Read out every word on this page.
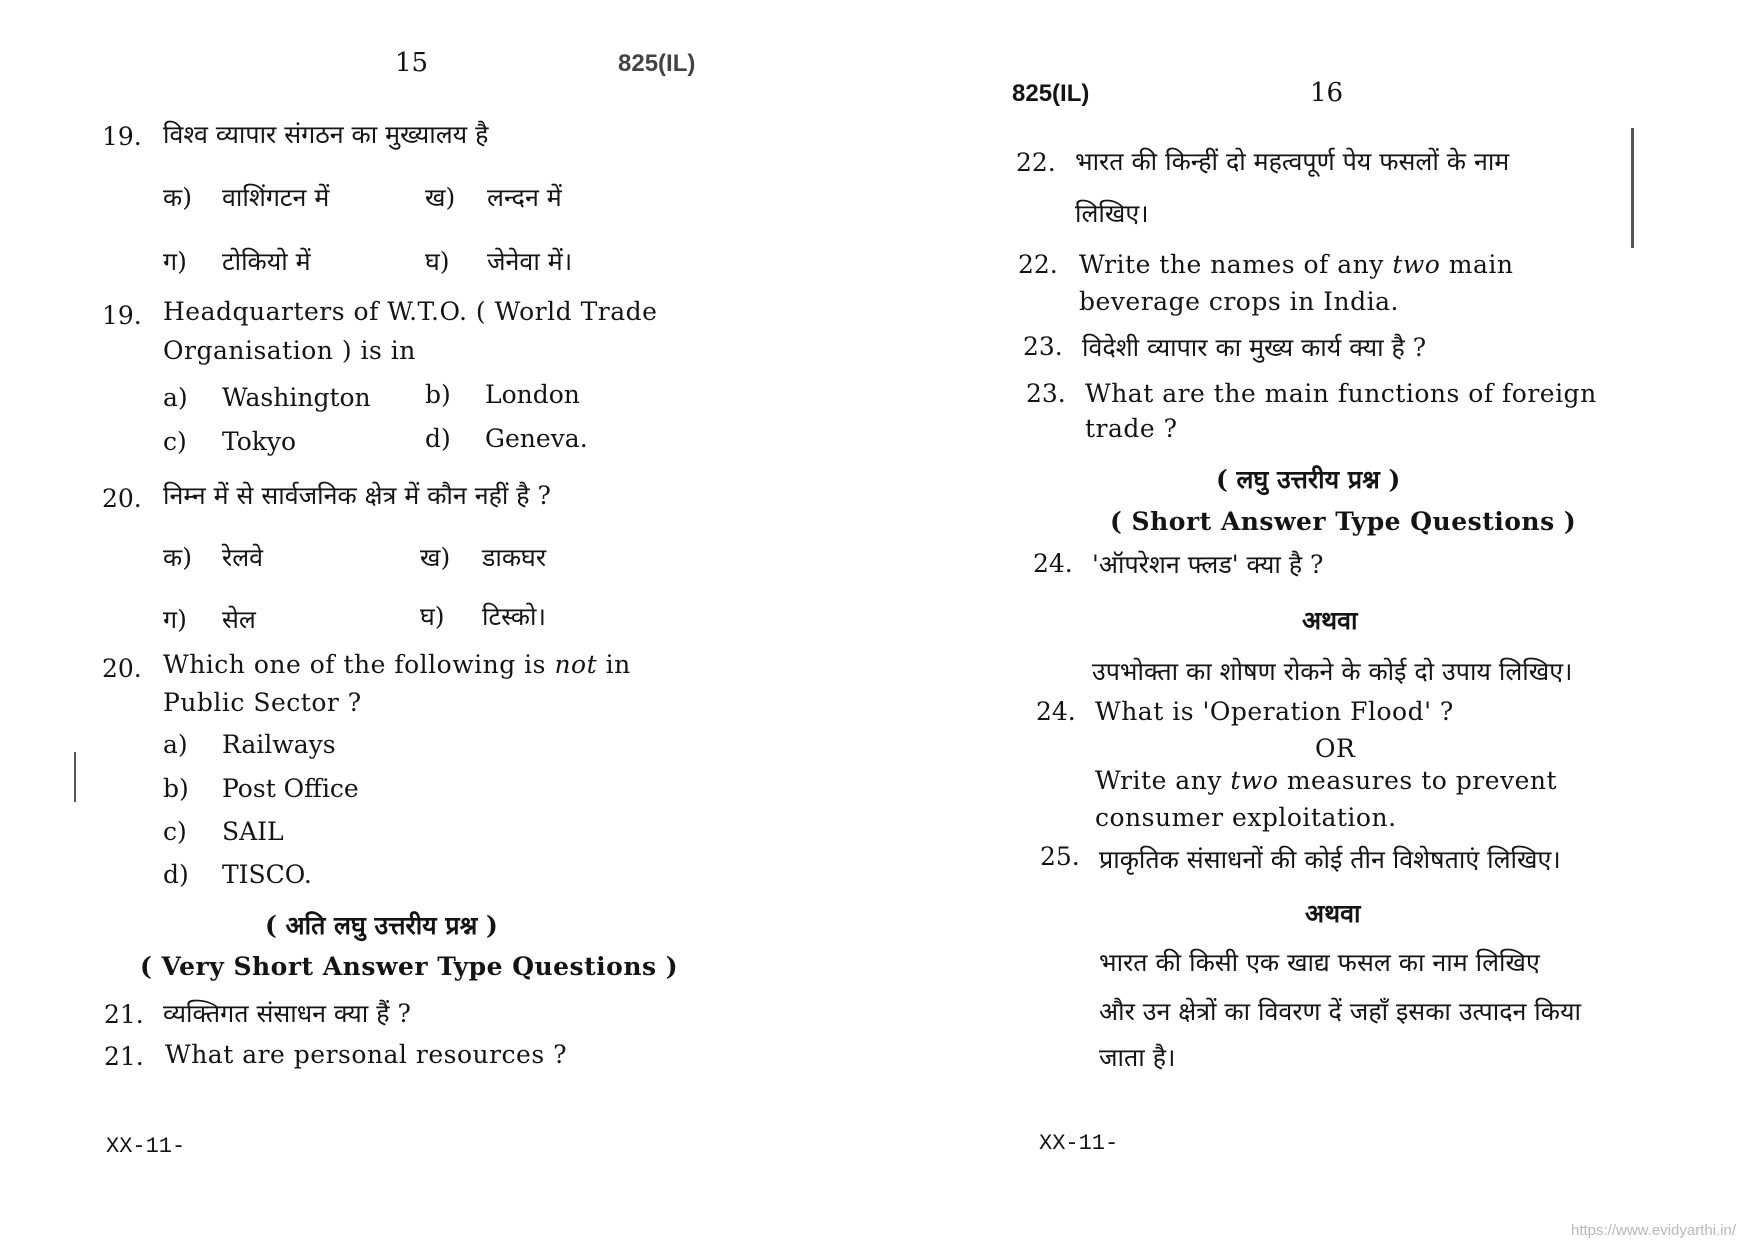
15	825(IL)
19. विश्व व्यापार संगठन का मुख्यालय है
क) वाशिंगटन में	ख) लन्दन में
ग) टोकियो में	घ) जेनेवा में।
19. Headquarters of W.T.O. ( World Trade
Organisation ) is in
a) Washington b) London
c) Tokyo	d) Geneva.
20. निम्न में से सार्वजनिक क्षेत्र में कौन नहीं है ?
क) रेलवे	ख) डाकघर
ग) सेल	घ) टिस्को।
20. Which one of the following is not in
Public Sector ?
a) Railways
b) Post Office
c) SAIL
d) TISCO.
( अति लघु उत्तरीय प्रश्न )
( Very Short Answer Type Questions )
21. व्यक्तिगत संसाधन क्या हैं ?
21. What are personal resources ?
XX-11-
825(IL)	16
22. भारत की किन्हीं दो महत्वपूर्ण पेय फसलों के नाम
लिखिए।
22. Write the names of any two main
beverage crops in India.
23. विदेशी व्यापार का मुख्य कार्य क्या है ?
23. What are the main functions of foreign
trade ?
( लघु उत्तरीय प्रश्न )
( Short Answer Type Questions )
24. 'ऑपरेशन फ्लड' क्या है ?
अथवा
उपभोक्ता का शोषण रोकने के कोई दो उपाय लिखिए।
24. What is 'Operation Flood' ?
OR
Write any two measures to prevent
consumer exploitation.
25. प्राकृतिक संसाधनों की कोई तीन विशेषताएं लिखिए।
अथवा
भारत की किसी एक खाद्य फसल का नाम लिखिए
और उन क्षेत्रों का विवरण दें जहाँ इसका उत्पादन किया
जाता है।
XX-11-
https://www.evidyarthi.in/
